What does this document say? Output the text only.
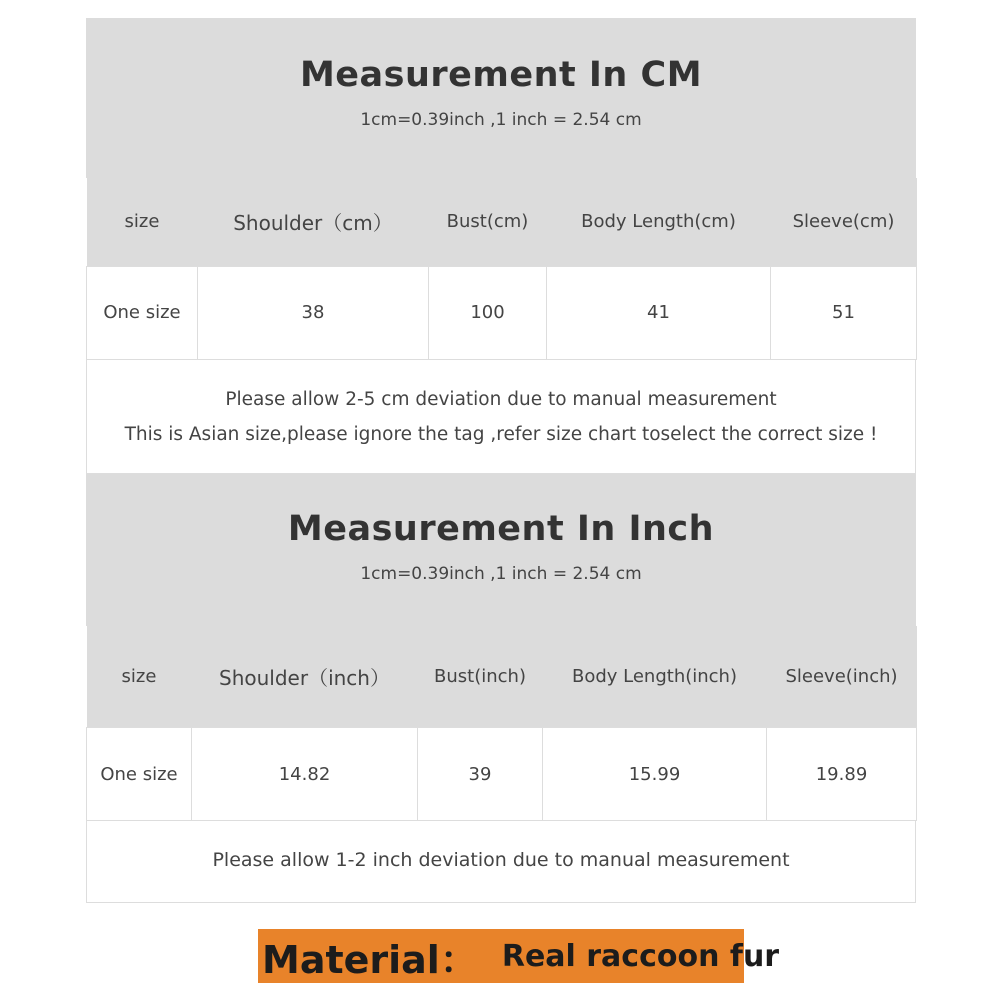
Measurement In CM
1cm=0.39inch ,1 inch = 2.54 cm
size	Shoulder（cm）	Bust(cm)	Body Length(cm)	Sleeve(cm)
One size	38	100	41	51
Please allow 2-5 cm deviation due to manual measurement
This is Asian size,please ignore the tag ,refer size chart toselect the correct size !
Measurement In Inch
1cm=0.39inch ,1 inch = 2.54 cm
size	Shoulder（inch）	Bust(inch)	Body Length(inch)	Sleeve(inch)
One size	14.82	39	15.99	19.89
Please allow 1-2 inch deviation due to manual measurement
Material： Real raccoon fur
